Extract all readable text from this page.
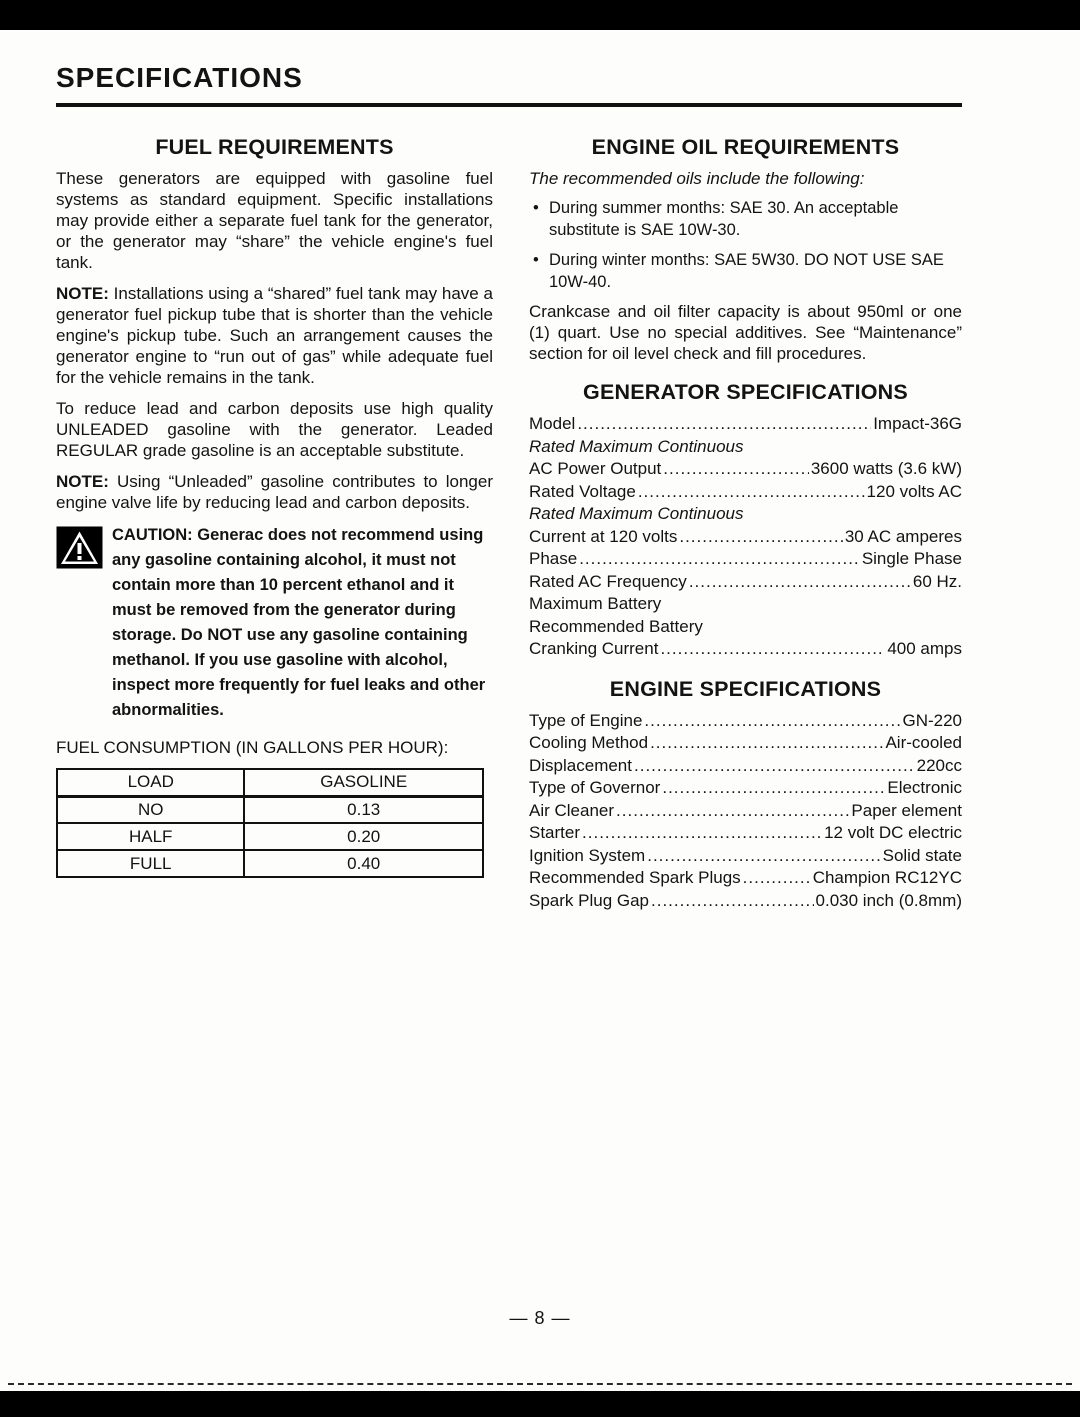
SPECIFICATIONS
FUEL REQUIREMENTS

These generators are equipped with gasoline fuel systems as standard equipment. Specific installations may provide either a separate fuel tank for the generator, or the generator may “share” the vehicle engine's fuel tank.

NOTE: Installations using a “shared” fuel tank may have a generator fuel pickup tube that is shorter than the vehicle engine's pickup tube. Such an arrangement causes the generator engine to “run out of gas” while adequate fuel for the vehicle remains in the tank.

To reduce lead and carbon deposits use high quality UNLEADED gasoline with the generator. Leaded REGULAR grade gasoline is an acceptable substitute.

NOTE: Using “Unleaded” gasoline contributes to longer engine valve life by reducing lead and carbon deposits.

CAUTION: Generac does not recommend using any gasoline containing alcohol, it must not contain more than 10 percent ethanol and it must be removed from the generator during storage. Do NOT use any gasoline containing methanol. If you use gasoline with alcohol, inspect more frequently for fuel leaks and other abnormalities.
FUEL CONSUMPTION (IN GALLONS PER HOUR):
LOAD	GASOLINE
NO	0.13
HALF	0.20
FULL	0.40
ENGINE OIL REQUIREMENTS

The recommended oils include the following:

• During summer months: SAE 30. An acceptable substitute is SAE 10W-30.
• During winter months: SAE 5W30. DO NOT USE SAE 10W-40.

Crankcase and oil filter capacity is about 950ml or one (1) quart. Use no special additives. See “Maintenance” section for oil level check and fill procedures.

GENERATOR SPECIFICATIONS
Model .....	Impact-36G
Rated Maximum Continuous
AC Power Output .....	3600 watts (3.6 kW)
Rated Voltage .....	120 volts AC
Rated Maximum Continuous
Current at 120 volts .....	30 AC amperes
Phase .....	Single Phase
Rated AC Frequency .....	60 Hz.
Maximum Battery
Recommended Battery
Cranking Current .....	400 amps
ENGINE SPECIFICATIONS
Type of Engine .....	GN-220
Cooling Method .....	Air-cooled
Displacement .....	220cc
Type of Governor .....	Electronic
Air Cleaner .....	Paper element
Starter .....	12 volt DC electric
Ignition System .....	Solid state
Recommended Spark Plugs .....	Champion RC12YC
Spark Plug Gap .....	0.030 inch (0.8mm)
— 8 —
